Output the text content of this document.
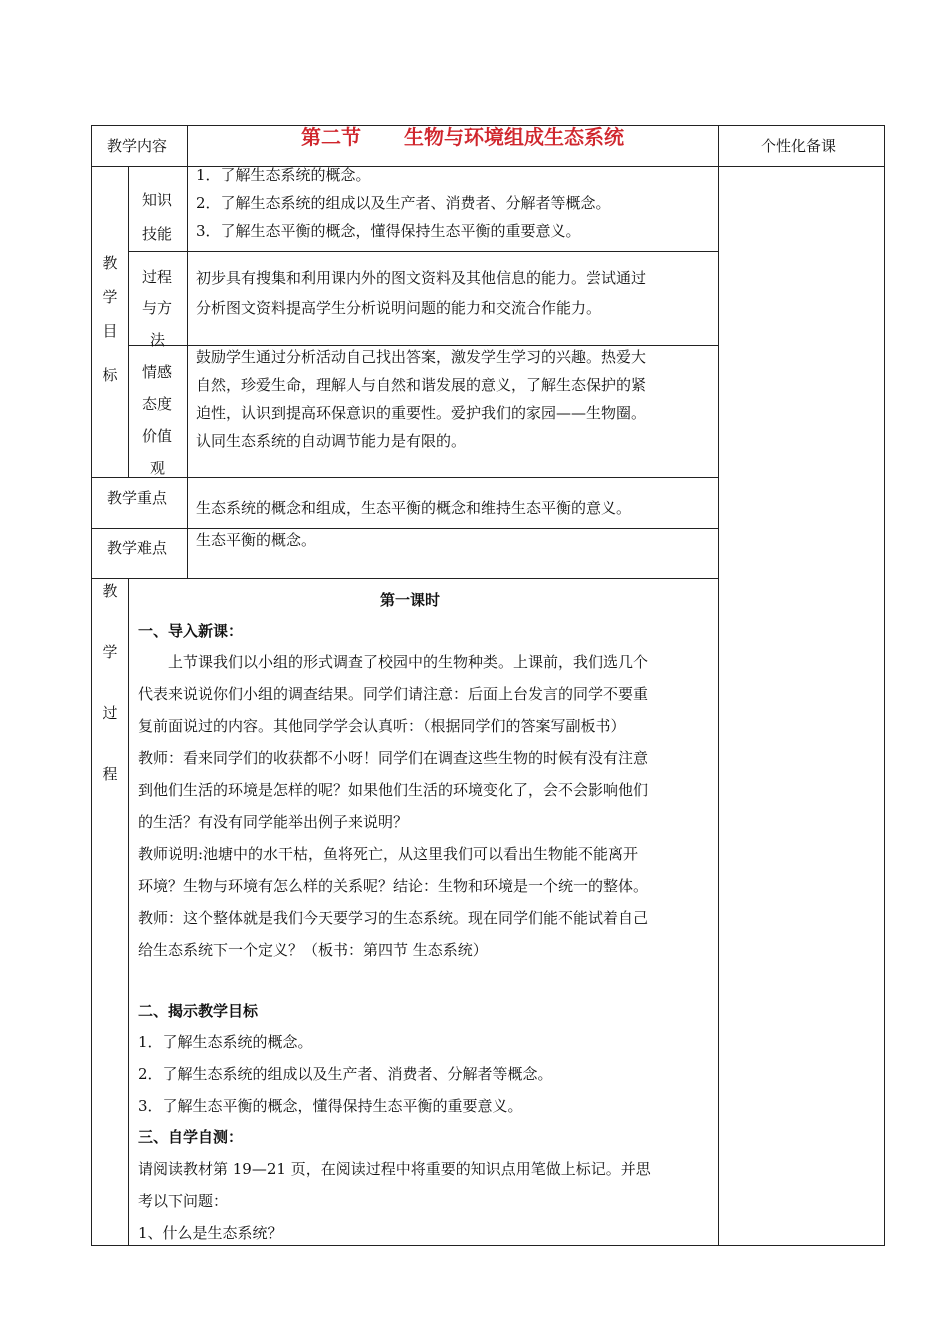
教学内容	第二节 生物与环境组成生态系统	个性化备课
教
学
目
标
知识
技能
1．了解生态系统的概念。
2．了解生态系统的组成以及生产者、消费者、分解者等概念。
3．了解生态平衡的概念，懂得保持生态平衡的重要意义。
过程
与方
法
初步具有搜集和利用课内外的图文资料及其他信息的能力。尝试通过
分析图文资料提高学生分析说明问题的能力和交流合作能力。
情感
态度
价值
观
鼓励学生通过分析活动自己找出答案，激发学生学习的兴趣。热爱大
自然，珍爱生命，理解人与自然和谐发展的意义，了解生态保护的紧
迫性，认识到提高环保意识的重要性。爱护我们的家园——生物圈。
认同生态系统的自动调节能力是有限的。
教学重点
生态系统的概念和组成，生态平衡的概念和维持生态平衡的意义。
教学难点 生态平衡的概念。
教
学
过
程
第一课时
一、导入新课：
上节课我们以小组的形式调查了校园中的生物种类。上课前，我们选几个
代表来说说你们小组的调查结果。同学们请注意：后面上台发言的同学不要重
复前面说过的内容。其他同学学会认真听：（根据同学们的答案写副板书）
教师：看来同学们的收获都不小呀！同学们在调查这些生物的时候有没有注意
到他们生活的环境是怎样的呢？如果他们生活的环境变化了，会不会影响他们
的生活？有没有同学能举出例子来说明？
教师说明:池塘中的水干枯，鱼将死亡，从这里我们可以看出生物能不能离开
环境？生物与环境有怎么样的关系呢？结论：生物和环境是一个统一的整体。
教师：这个整体就是我们今天要学习的生态系统。现在同学们能不能试着自己
给生态系统下一个定义？（板书：第四节 生态系统）
二、揭示教学目标
1．了解生态系统的概念。
2．了解生态系统的组成以及生产者、消费者、分解者等概念。
3．了解生态平衡的概念，懂得保持生态平衡的重要意义。
三、自学自测：
请阅读教材第 19—21 页，在阅读过程中将重要的知识点用笔做上标记。并思
考以下问题：
1、什么是生态系统？
